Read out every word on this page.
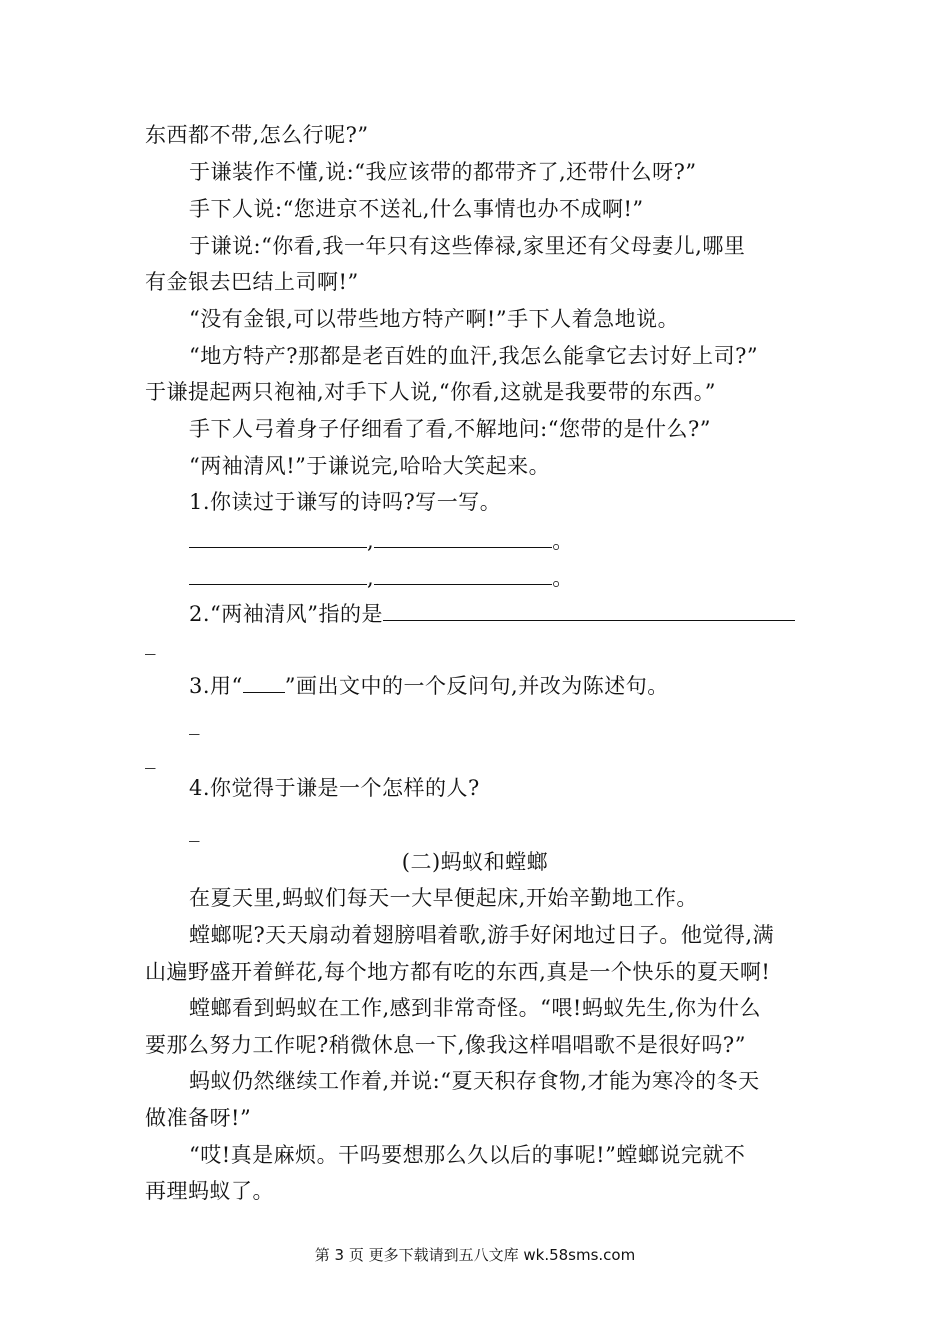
东西都不带,怎么行呢?”
于谦装作不懂,说:“我应该带的都带齐了,还带什么呀?”
手下人说:“您进京不送礼,什么事情也办不成啊!”
于谦说:“你看,我一年只有这些俸禄,家里还有父母妻儿,哪里
有金银去巴结上司啊!”
“没有金银,可以带些地方特产啊!”手下人着急地说。
“地方特产?那都是老百姓的血汗,我怎么能拿它去讨好上司?”
于谦提起两只袍袖,对手下人说,“你看,这就是我要带的东西。”
手下人弓着身子仔细看了看,不解地问:“您带的是什么?”
“两袖清风!”于谦说完,哈哈大笑起来。
1.你读过于谦写的诗吗?写一写。
,	。
,	。
2.“两袖清风”指的是
_
3.用“ ”画出文中的一个反问句,并改为陈述句。
_
_
4.你觉得于谦是一个怎样的人?
_
(二)蚂蚁和螳螂
在夏天里,蚂蚁们每天一大早便起床,开始辛勤地工作。
螳螂呢?天天扇动着翅膀唱着歌,游手好闲地过日子。他觉得,满
山遍野盛开着鲜花,每个地方都有吃的东西,真是一个快乐的夏天啊!
螳螂看到蚂蚁在工作,感到非常奇怪。“喂!蚂蚁先生,你为什么
要那么努力工作呢?稍微休息一下,像我这样唱唱歌不是很好吗?”
蚂蚁仍然继续工作着,并说:“夏天积存食物,才能为寒冷的冬天
做准备呀!”
“哎!真是麻烦。干吗要想那么久以后的事呢!”螳螂说完就不
再理蚂蚁了。
第 3 页 更多下载请到五八文库 wk.58sms.com
